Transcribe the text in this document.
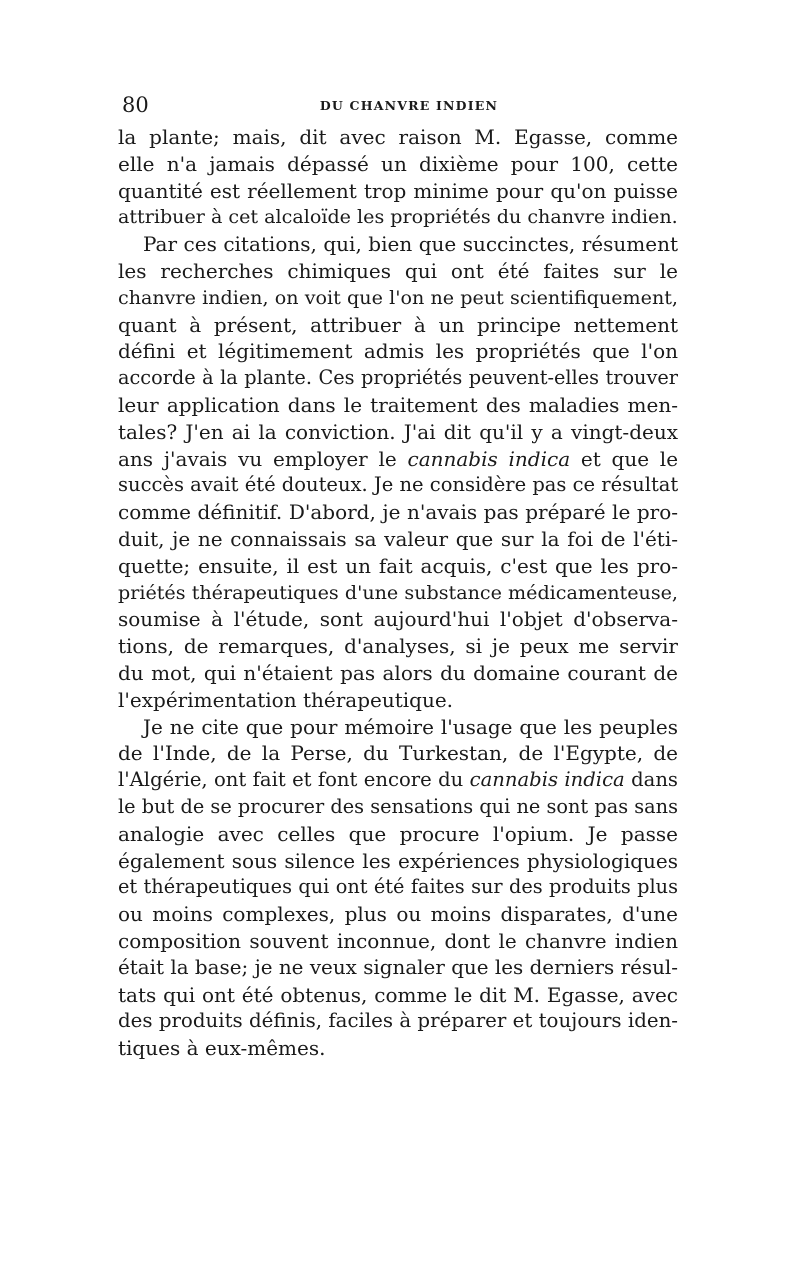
80	DU CHANVRE INDIEN

la plante; mais, dit avec raison M. Egasse, comme

elle n'a jamais dépassé un dixième pour 100, cette

quantité est réellement trop minime pour qu'on puisse

attribuer à cet alcaloïde les propriétés du chanvre indien.

Par ces citations, qui, bien que succinctes, résument

les recherches chimiques qui ont été faites sur le

chanvre indien, on voit que l'on ne peut scientifiquement,

quant à présent, attribuer à un principe nettement

défini et légitimement admis les propriétés que l'on

accorde à la plante. Ces propriétés peuvent-elles trouver

leur application dans le traitement des maladies men-

tales? J'en ai la conviction. J'ai dit qu'il y a vingt-deux

ans j'avais vu employer le cannabis indica et que le

succès avait été douteux. Je ne considère pas ce résultat

comme définitif. D'abord, je n'avais pas préparé le pro-

duit, je ne connaissais sa valeur que sur la foi de l'éti-

quette; ensuite, il est un fait acquis, c'est que les pro-

priétés thérapeutiques d'une substance médicamenteuse,

soumise à l'étude, sont aujourd'hui l'objet d'observa-

tions, de remarques, d'analyses, si je peux me servir

du mot, qui n'étaient pas alors du domaine courant de

l'expérimentation thérapeutique.

Je ne cite que pour mémoire l'usage que les peuples

de l'Inde, de la Perse, du Turkestan, de l'Egypte, de

l'Algérie, ont fait et font encore du cannabis indica dans

le but de se procurer des sensations qui ne sont pas sans

analogie avec celles que procure l'opium. Je passe

également sous silence les expériences physiologiques

et thérapeutiques qui ont été faites sur des produits plus

ou moins complexes, plus ou moins disparates, d'une

composition souvent inconnue, dont le chanvre indien

était la base; je ne veux signaler que les derniers résul-

tats qui ont été obtenus, comme le dit M. Egasse, avec

des produits définis, faciles à préparer et toujours iden-

tiques à eux-mêmes.
